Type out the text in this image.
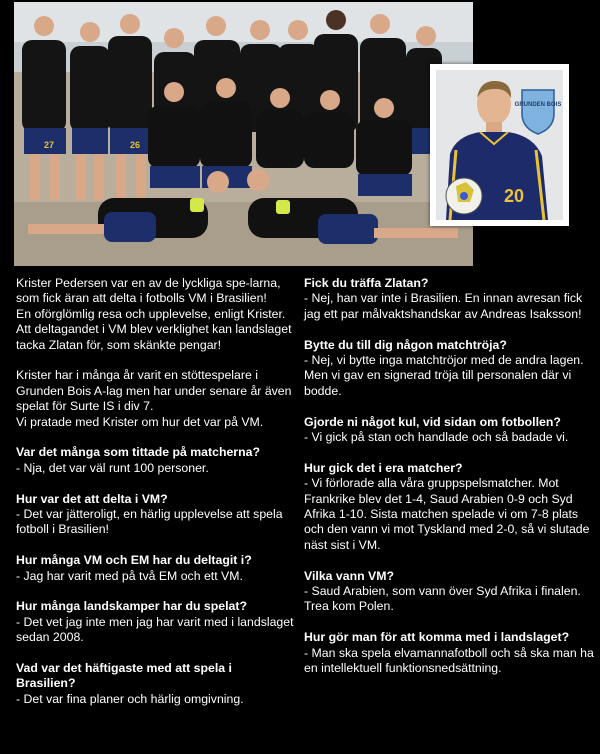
27	26
GRUNDEN BOIS
20

Krister Pedersen var en av de lyckliga spe-larna, som fick äran att delta i fotbolls VM i Brasilien!

En oförglömlig resa och upplevelse, enligt Krister. Att deltagandet i VM blev verklighet kan landslaget tacka Zlatan för, som skänkte pengar!

Krister har i många år varit en stöttespelare i Grunden Bois A-lag men har under senare år även spelat för Surte IS i div 7.

Vi pratade med Krister om hur det var på VM.

Var det många som tittade på matcherna?
- Nja, det var väl runt 100 personer.
Hur var det att delta i VM?
- Det var jätteroligt, en härlig upplevelse att spela fotboll i Brasilien!
Hur många VM och EM har du deltagit i?
- Jag har varit med på två EM och ett VM.
Hur många landskamper har du spelat?
- Det vet jag inte men jag har varit med i landslaget sedan 2008.
Vad var det häftigaste med att spela i Brasilien?
- Det var fina planer och härlig omgivning.
Fick du träffa Zlatan?
- Nej, han var inte i Brasilien. En innan avresan fick jag ett par målvaktshandskar av Andreas Isaksson!
Bytte du till dig någon matchtröja?
- Nej, vi bytte inga matchtröjor med de andra lagen. Men vi gav en signerad tröja till personalen där vi bodde.
Gjorde ni något kul, vid sidan om fotbollen?
- Vi gick på stan och handlade och så badade vi.
Hur gick det i era matcher?
- Vi förlorade alla våra gruppspelsmatcher. Mot Frankrike blev det 1-4, Saud Arabien 0-9 och Syd Afrika 1-10. Sista matchen spelade vi om 7-8 plats och den vann vi mot Tyskland med 2-0, så vi slutade näst sist i VM.
Vilka vann VM?
- Saud Arabien, som vann över Syd Afrika i finalen. Trea kom Polen.
Hur gör man för att komma med i landslaget?
- Man ska spela elvamannafotboll och så ska man ha en intellektuell funktionsnedsättning.
